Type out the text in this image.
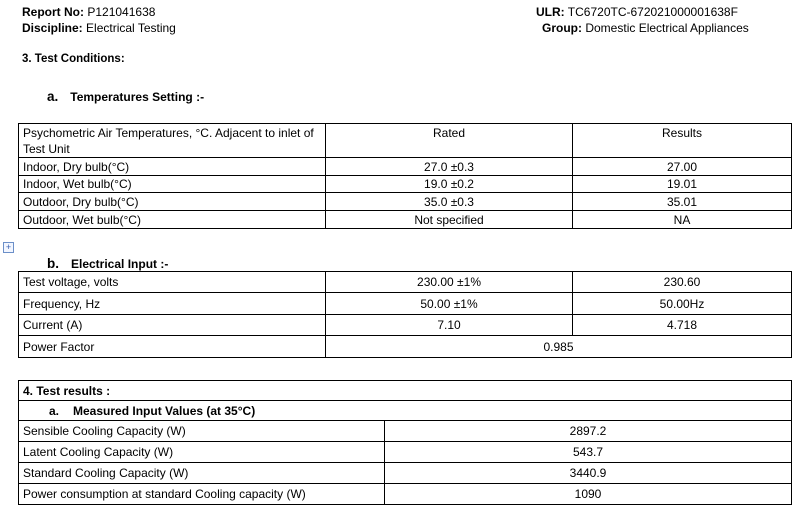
Report No: P121041638
Discipline: Electrical Testing
ULR: TC6720TC-672021000001638F
Group: Domestic Electrical Appliances
3. Test Conditions:
a. Temperatures Setting :-
Psychometric Air Temperatures, °C. Adjacent to inlet of Test Unit	Rated	Results
Indoor, Dry bulb(°C)	27.0 ±0.3	27.00
Indoor, Wet bulb(°C)	19.0 ±0.2	19.01
Outdoor, Dry bulb(°C)	35.0 ±0.3	35.01
Outdoor, Wet bulb(°C)	Not specified	NA
+
b. Electrical Input :-
Test voltage, volts	230.00 ±1%	230.60
Frequency, Hz	50.00 ±1%	50.00Hz
Current (A)	7.10	4.718
Power Factor	0.985	
4. Test results :	
a. Measured Input Values (at 35°C)	
Sensible Cooling Capacity (W)	2897.2
Latent Cooling Capacity (W)	543.7
Standard Cooling Capacity (W)	3440.9
Power consumption at standard Cooling capacity (W)	1090
